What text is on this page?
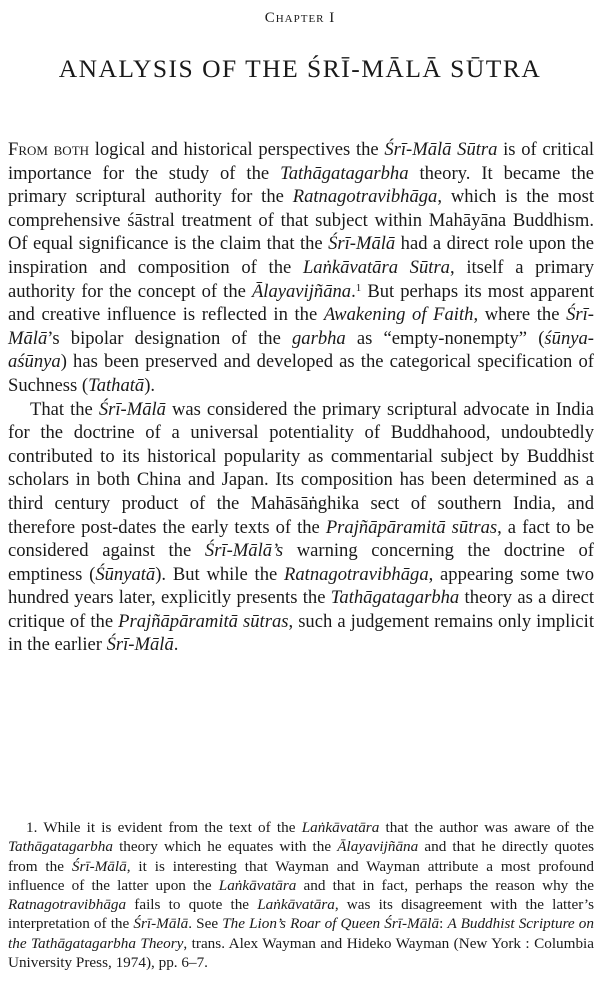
Chapter I
ANALYSIS OF THE ŚRĪ-MĀLĀ SŪTRA

From both logical and historical perspectives the Śrī-Mālā Sūtra is of critical importance for the study of the Tathāgatagarbha theory. It became the primary scriptural authority for the Ratnagotravibhāga, which is the most comprehensive śāstral treatment of that subject within Mahāyāna Buddhism. Of equal significance is the claim that the Śrī-Mālā had a direct role upon the inspiration and composition of the Laṅkāvatāra Sūtra, itself a primary authority for the concept of the Ālayavijñāna.$^1$ But perhaps its most apparent and creative influence is reflected in the Awakening of Faith, where the Śrī-Mālā’s bipolar designation of the garbha as “empty-nonempty” (śūnya-aśūnya) has been preserved and developed as the categorical specification of Suchness (Tathatā).

That the Śrī-Mālā was considered the primary scriptural advocate in India for the doctrine of a universal potentiality of Buddhahood, undoubtedly contributed to its historical popularity as commentarial subject by Buddhist scholars in both China and Japan. Its composition has been determined as a third century product of the Mahāsāṅghika sect of southern India, and therefore post-dates the early texts of the Prajñāpāramitā sūtras, a fact to be considered against the Śrī-Mālā’s warning concerning the doctrine of emptiness (Śūnyatā). But while the Ratnagotravibhāga, appearing some two hundred years later, explicitly presents the Tathāgatagarbha theory as a direct critique of the Prajñāpāramitā sūtras, such a judgement remains only implicit in the earlier Śrī-Mālā.

1. While it is evident from the text of the Laṅkāvatāra that the author was aware of the Tathāgatagarbha theory which he equates with the Ālayavijñāna and that he directly quotes from the Śrī-Mālā, it is interesting that Wayman and Wayman attribute a most profound influence of the latter upon the Laṅkāvatāra and that in fact, perhaps the reason why the Ratnagotravibhāga fails to quote the Laṅkāvatāra, was its disagreement with the latter’s interpretation of the Śrī-Mālā. See The Lion’s Roar of Queen Śrī-Mālā: A Buddhist Scripture on the Tathāgatagarbha Theory, trans. Alex Wayman and Hideko Wayman (New York : Columbia University Press, 1974), pp. 6–7.
